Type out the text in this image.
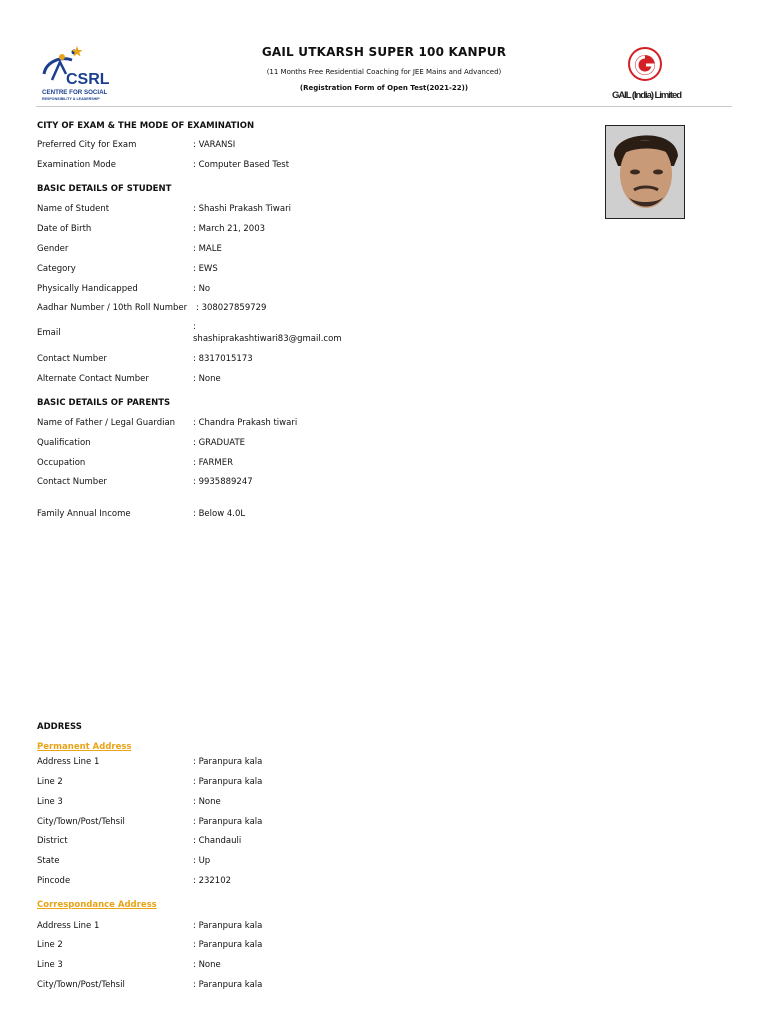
CSRL
CENTRE FOR SOCIAL
RESPONSIBILITY & LEADERSHIP
GAIL UTKARSH SUPER 100 KANPUR
(11 Months Free Residential Coaching for JEE Mains and Advanced)
(Registration Form of Open Test(2021-22))
GAIL (India) Limited
CITY OF EXAM & THE MODE OF EXAMINATION
Preferred City for Exam	: VARANSI
Examination Mode	: Computer Based Test
BASIC DETAILS OF STUDENT
Name of Student	: Shashi Prakash Tiwari
Date of Birth	: March 21, 2003
Gender	: MALE
Category	: EWS
Physically Handicapped	: No
Aadhar Number / 10th Roll Number : 308027859729
Email
:
shashiprakashtiwari83@gmail.com
Contact Number	: 8317015173
Alternate Contact Number	: None
BASIC DETAILS OF PARENTS
Name of Father / Legal Guardian : Chandra Prakash tiwari
Qualification	: GRADUATE
Occupation	: FARMER
Contact Number	: 9935889247
Family Annual Income	: Below 4.0L
ADDRESS
Permanent Address
Address Line 1	: Paranpura kala
Line 2	: Paranpura kala
Line 3	: None
City/Town/Post/Tehsil	: Paranpura kala
District	: Chandauli
State	: Up
Pincode	: 232102
Correspondance Address
Address Line 1	: Paranpura kala
Line 2	: Paranpura kala
Line 3	: None
City/Town/Post/Tehsil	: Paranpura kala
